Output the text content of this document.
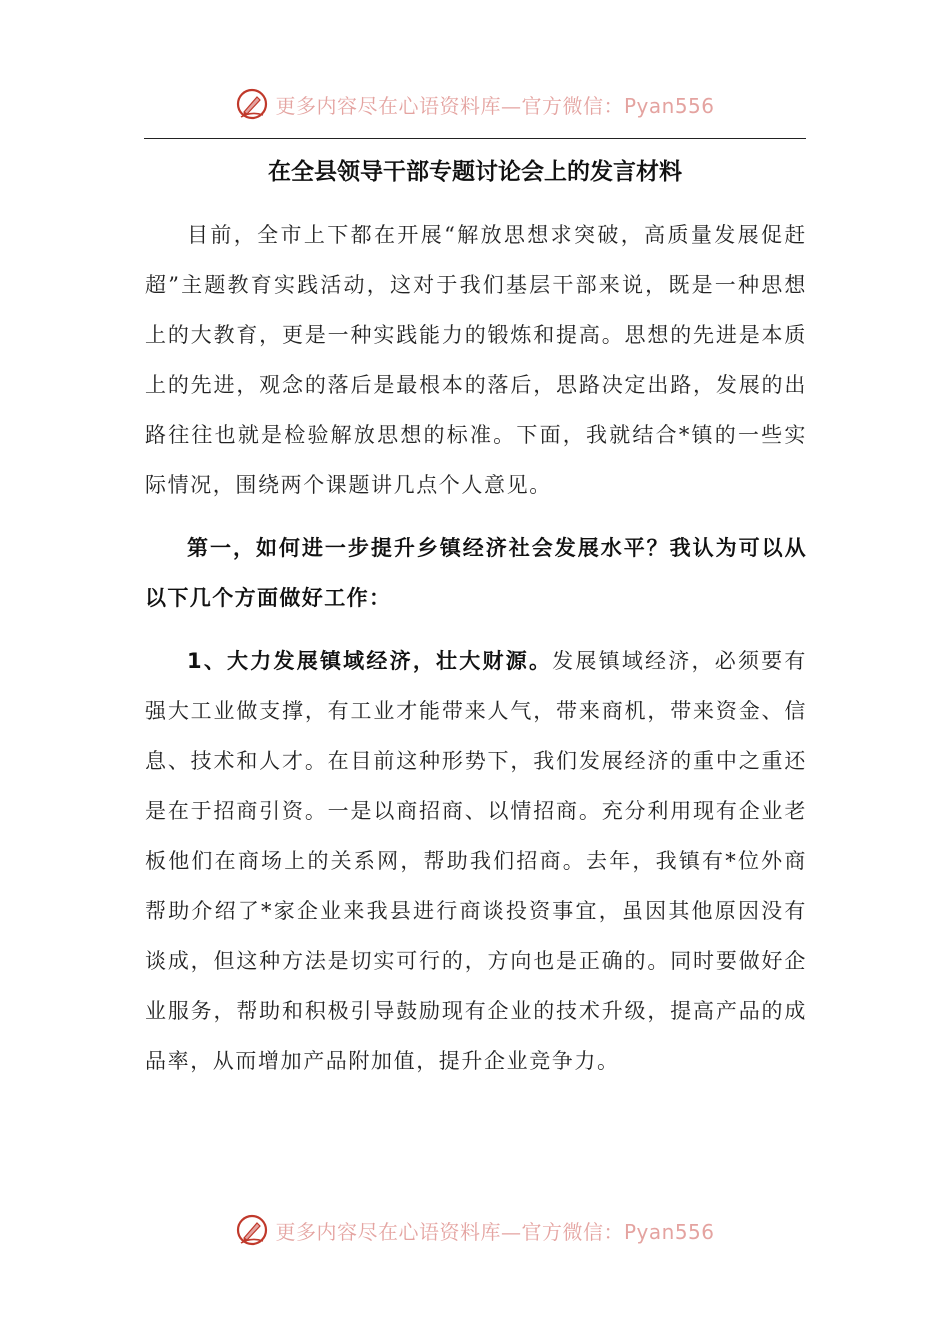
更多内容尽在心语资料库—官方微信：Pyan556
在全县领导干部专题讨论会上的发言材料

目前，全市上下都在开展“解放思想求突破，高质量发展促赶超”主题教育实践活动，这对于我们基层干部来说，既是一种思想上的大教育，更是一种实践能力的锻炼和提高。思想的先进是本质上的先进，观念的落后是最根本的落后，思路决定出路，发展的出路往往也就是检验解放思想的标准。下面，我就结合*镇的一些实际情况，围绕两个课题讲几点个人意见。

第一，如何进一步提升乡镇经济社会发展水平？我认为可以从以下几个方面做好工作：

1、大力发展镇域经济，壮大财源。发展镇域经济，必须要有强大工业做支撑，有工业才能带来人气，带来商机，带来资金、信息、技术和人才。在目前这种形势下，我们发展经济的重中之重还是在于招商引资。一是以商招商、以情招商。充分利用现有企业老板他们在商场上的关系网，帮助我们招商。去年，我镇有*位外商帮助介绍了*家企业来我县进行商谈投资事宜，虽因其他原因没有谈成，但这种方法是切实可行的，方向也是正确的。同时要做好企业服务，帮助和积极引导鼓励现有企业的技术升级，提高产品的成品率，从而增加产品附加值，提升企业竞争力。

更多内容尽在心语资料库—官方微信：Pyan556
